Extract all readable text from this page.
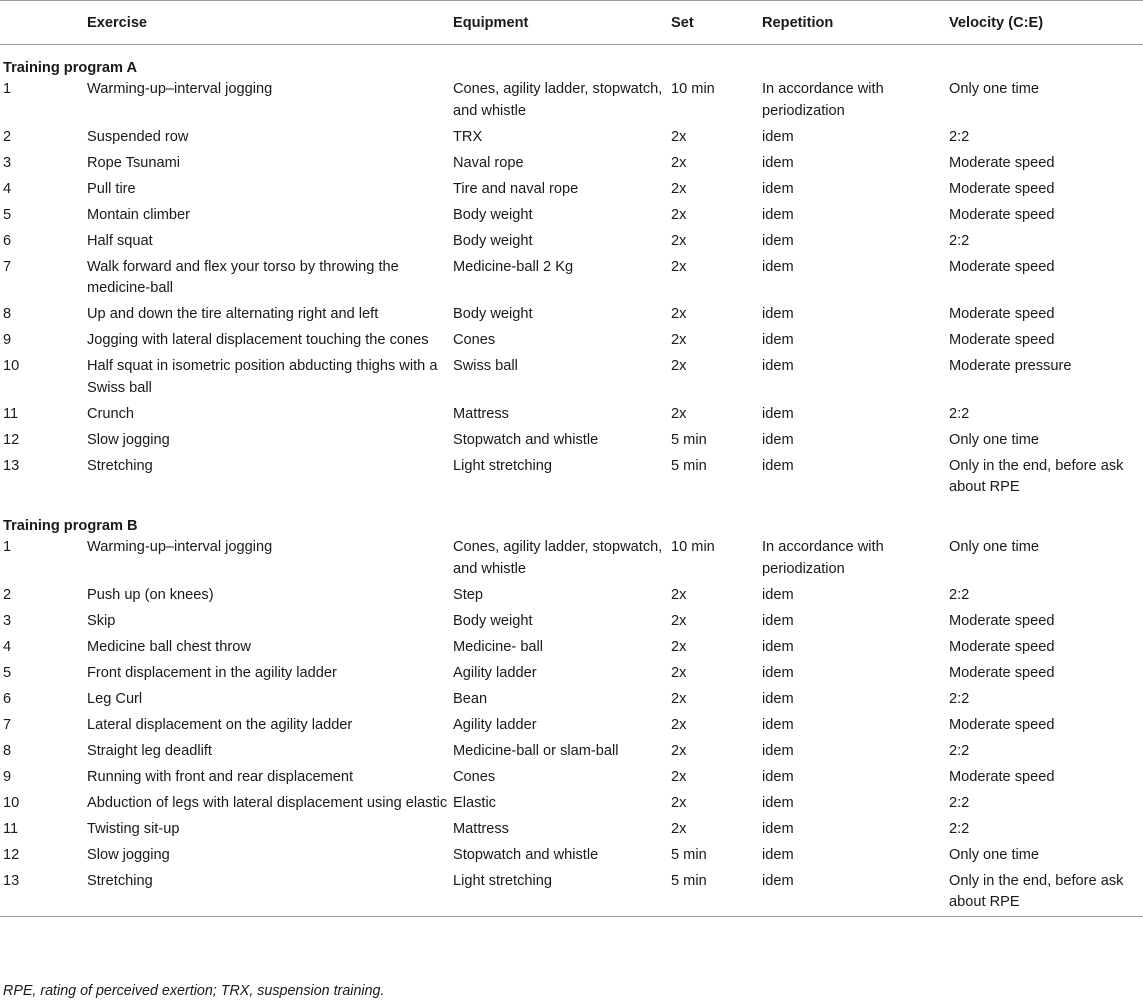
	Exercise	Equipment	Set	Repetition	Velocity (C:E)
Training program A					
1	Warming-up–interval jogging	Cones, agility ladder, stopwatch, and whistle	10 min	In accordance with periodization	Only one time
2	Suspended row	TRX	2x	idem	2:2
3	Rope Tsunami	Naval rope	2x	idem	Moderate speed
4	Pull tire	Tire and naval rope	2x	idem	Moderate speed
5	Montain climber	Body weight	2x	idem	Moderate speed
6	Half squat	Body weight	2x	idem	2:2
7	Walk forward and flex your torso by throwing the medicine-ball	Medicine-ball 2 Kg	2x	idem	Moderate speed
8	Up and down the tire alternating right and left	Body weight	2x	idem	Moderate speed
9	Jogging with lateral displacement touching the cones	Cones	2x	idem	Moderate speed
10	Half squat in isometric position abducting thighs with a Swiss ball	Swiss ball	2x	idem	Moderate pressure
11	Crunch	Mattress	2x	idem	2:2
12	Slow jogging	Stopwatch and whistle	5 min	idem	Only one time
13	Stretching	Light stretching	5 min	idem	Only in the end, before ask about RPE
Training program B					
1	Warming-up–interval jogging	Cones, agility ladder, stopwatch, and whistle	10 min	In accordance with periodization	Only one time
2	Push up (on knees)	Step	2x	idem	2:2
3	Skip	Body weight	2x	idem	Moderate speed
4	Medicine ball chest throw	Medicine- ball	2x	idem	Moderate speed
5	Front displacement in the agility ladder	Agility ladder	2x	idem	Moderate speed
6	Leg Curl	Bean	2x	idem	2:2
7	Lateral displacement on the agility ladder	Agility ladder	2x	idem	Moderate speed
8	Straight leg deadlift	Medicine-ball or slam-ball	2x	idem	2:2
9	Running with front and rear displacement	Cones	2x	idem	Moderate speed
10	Abduction of legs with lateral displacement using elastic	Elastic	2x	idem	2:2
11	Twisting sit-up	Mattress	2x	idem	2:2
12	Slow jogging	Stopwatch and whistle	5 min	idem	Only one time
13	Stretching	Light stretching	5 min	idem	Only in the end, before ask about RPE
RPE, rating of perceived exertion; TRX, suspension training.
